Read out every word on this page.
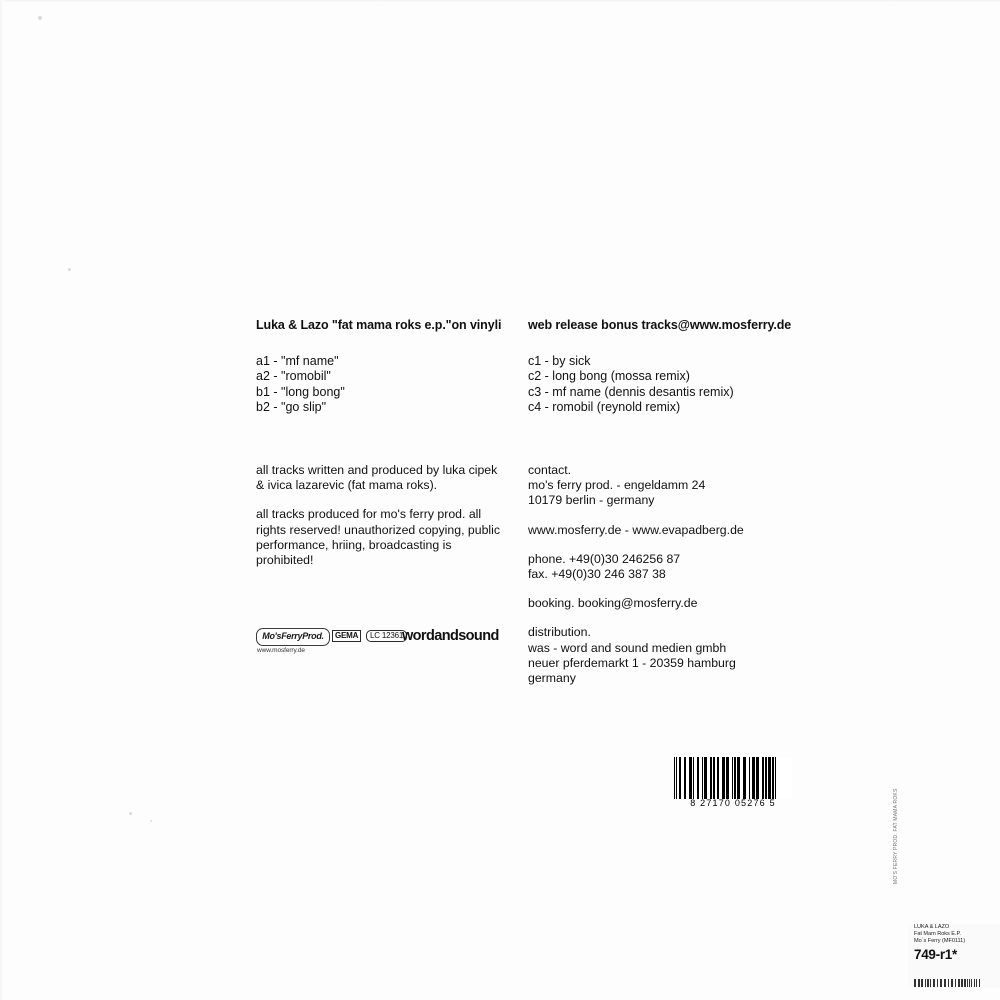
Luka & Lazo "fat mama roks e.p."on vinyli

a1 - "mf name"

a2 - "romobil"

b1 - "long bong"

b2 - "go slip"

all tracks written and produced by luka cipek & ivica lazarevic (fat mama roks).

all tracks produced for mo's ferry prod. all rights reserved! unauthorized copying, public performance, hriing, broadcasting is prohibited!

web release bonus tracks@www.mosferry.de

c1 - by sick

c2 - long bong (mossa remix)

c3 - mf name (dennis desantis remix)

c4 - romobil (reynold remix)

contact.

mo's ferry prod. - engeldamm 24

10179 berlin - germany

www.mosferry.de - www.evapadberg.de

phone. +49(0)30 246256 87

fax. +49(0)30 246 387 38

booking. booking@mosferry.de

distribution.

was - word and sound medien gmbh

neuer pferdemarkt 1 - 20359 hamburg

germany

Mo'sFerryProd.
www.mosferry.de
GEMA	LC 12361
wordandsound
8 27170 05276 5	MO'S FERRY PROD. FAT MAMA ROKS
LUKA & LAZO
Fat Mam Roks E.P.
Mo´s Ferry (MF0111)
749-r1*
